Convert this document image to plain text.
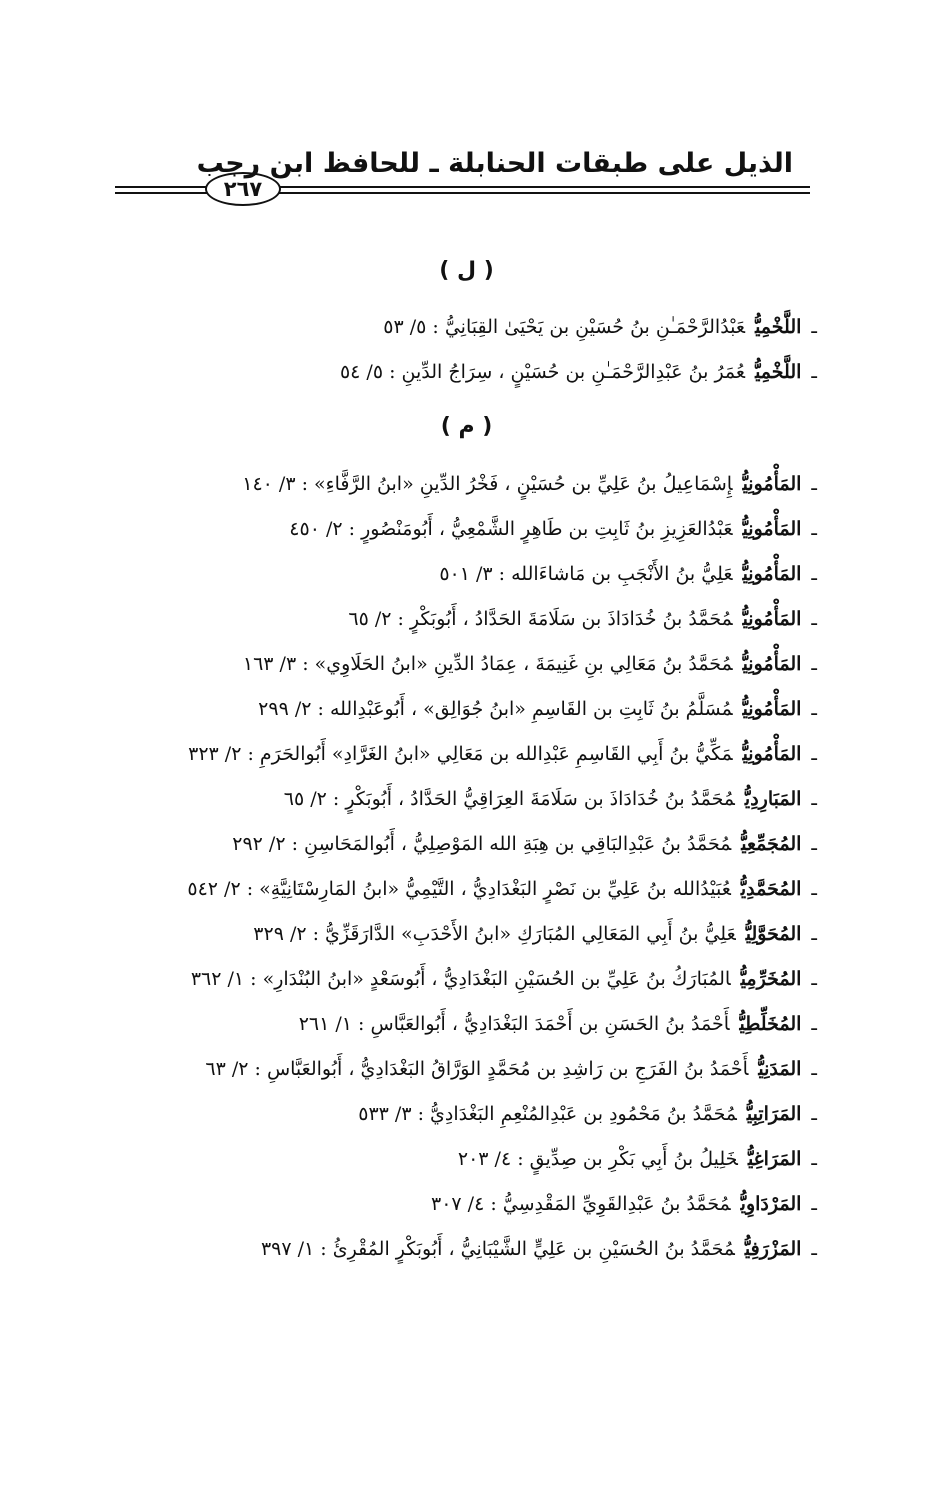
الذيل على طبقات الحنابلة ـ للحافظ ابن رجب
٢٦٧
( ل )
ـاللَّخْمِيُّعَبْدُالرَّحْمَـٰنِ بنُ حُسَيْنِ بن يَحْيَىٰ القِبَانِيُّ : ٥/ ٥٣
ـاللَّخْمِيُّعُمَرُ بنُ عَبْدِالرَّحْمَـٰنِ بن حُسَيْنٍ ، سِرَاجُ الدِّينِ : ٥/ ٥٤
( م )
ـالمَأْمُونِيُّإِسْمَاعِيلُ بنُ عَلِيِّ بن حُسَيْنٍ ، فَخْرُ الدِّينِ «ابنُ الرَّفَّاءِ» : ٣/ ١٤٠
ـالمَأْمُونِيُّعَبْدُالعَزِيزِ بنُ ثَابِتِ بن طَاهِرٍ الشَّمْعِيُّ ، أَبُومَنْصُورٍ : ٢/ ٤٥٠
ـالمَأْمُونِيُّعَلِيُّ بنُ الأَنْجَبِ بن مَاشاءَالله : ٣/ ٥٠١
ـالمَأْمُونِيُّمُحَمَّدُ بنُ خُدَادَاذَ بن سَلَامَةَ الحَدَّادُ ، أَبُوبَكْرٍ : ٢/ ٦٥
ـالمَأْمُونِيُّمُحَمَّدُ بنُ مَعَالِي بنِ غَنِيمَةَ ، عِمَادُ الدِّينِ «ابنُ الحَلَاوِي» : ٣/ ١٦٣
ـالمَأْمُونِيُّمُسَلَّمُ بنُ ثَابِتِ بن القَاسِمِ «ابنُ جُوَالِق» ، أَبُوعَبْدِالله : ٢/ ٢٩٩
ـالمَأْمُونِيُّمَكِّيُّ بنُ أَبِي القَاسِمِ عَبْدِالله بن مَعَالِي «ابنُ الغَرَّادِ» أَبُوالحَرَمِ : ٢/ ٣٢٣
ـالمَبَارِدِيُّمُحَمَّدُ بنُ خُدَادَاذَ بن سَلَامَةَ العِرَاقِيُّ الحَدَّادُ ، أَبُوبَكْرٍ : ٢/ ٦٥
ـالمُجَمِّعِيُّمُحَمَّدُ بنُ عَبْدِالبَاقِي بن هِبَةِ الله المَوْصِلِيُّ ، أَبُوالمَحَاسِنِ : ٢/ ٢٩٢
ـالمُحَمَّدِيُّعُبَيْدُالله بنُ عَلِيِّ بن نَصْرٍ البَغْدَادِيُّ ، التَّيْمِيُّ «ابنُ المَارِسْتَانِيَّةِ» : ٢/ ٥٤٢
ـالمُحَوَّلِيُّعَلِيُّ بنُ أَبِي المَعَالِي المُبَارَكِ «ابنُ الأَحْدَبِ» الدَّارَقَزِّيُّ : ٢/ ٣٢٩
ـالمُخَرِّمِيُّالمُبَارَكُ بنُ عَلِيِّ بن الحُسَيْنِ البَغْدَادِيُّ ، أَبُوسَعْدٍ «ابنُ البُنْدَارِ» : ١/ ٣٦٢
ـالمُخَلِّطِيُّأَحْمَدُ بنُ الحَسَنِ بن أَحْمَدَ البَغْدَادِيُّ ، أَبُوالعَبَّاسِ : ١/ ٢٦١
ـالمَدَنِيُّأَحْمَدُ بنُ الفَرَجِ بن رَاشِدِ بن مُحَمَّدٍ الوَرَّاقُ البَغْدَادِيُّ ، أَبُوالعَبَّاسِ : ٢/ ٦٣
ـالمَرَاتِبِيُّمُحَمَّدُ بنُ مَحْمُودِ بن عَبْدِالمُنْعِمِ البَغْدَادِيُّ : ٣/ ٥٣٣
ـالمَرَاغِيُّخَلِيلُ بنُ أَبِي بَكْرِ بن صِدِّيقٍ : ٤/ ٢٠٣
ـالمَرْدَاوِيُّمُحَمَّدُ بنُ عَبْدِالقَوِيِّ المَقْدِسِيُّ : ٤/ ٣٠٧
ـالمَزْرَفِيُّمُحَمَّدُ بنُ الحُسَيْنِ بن عَلِيٍّ الشَّيْبَانِيُّ ، أَبُوبَكْرٍ المُقْرِئُ : ١/ ٣٩٧
